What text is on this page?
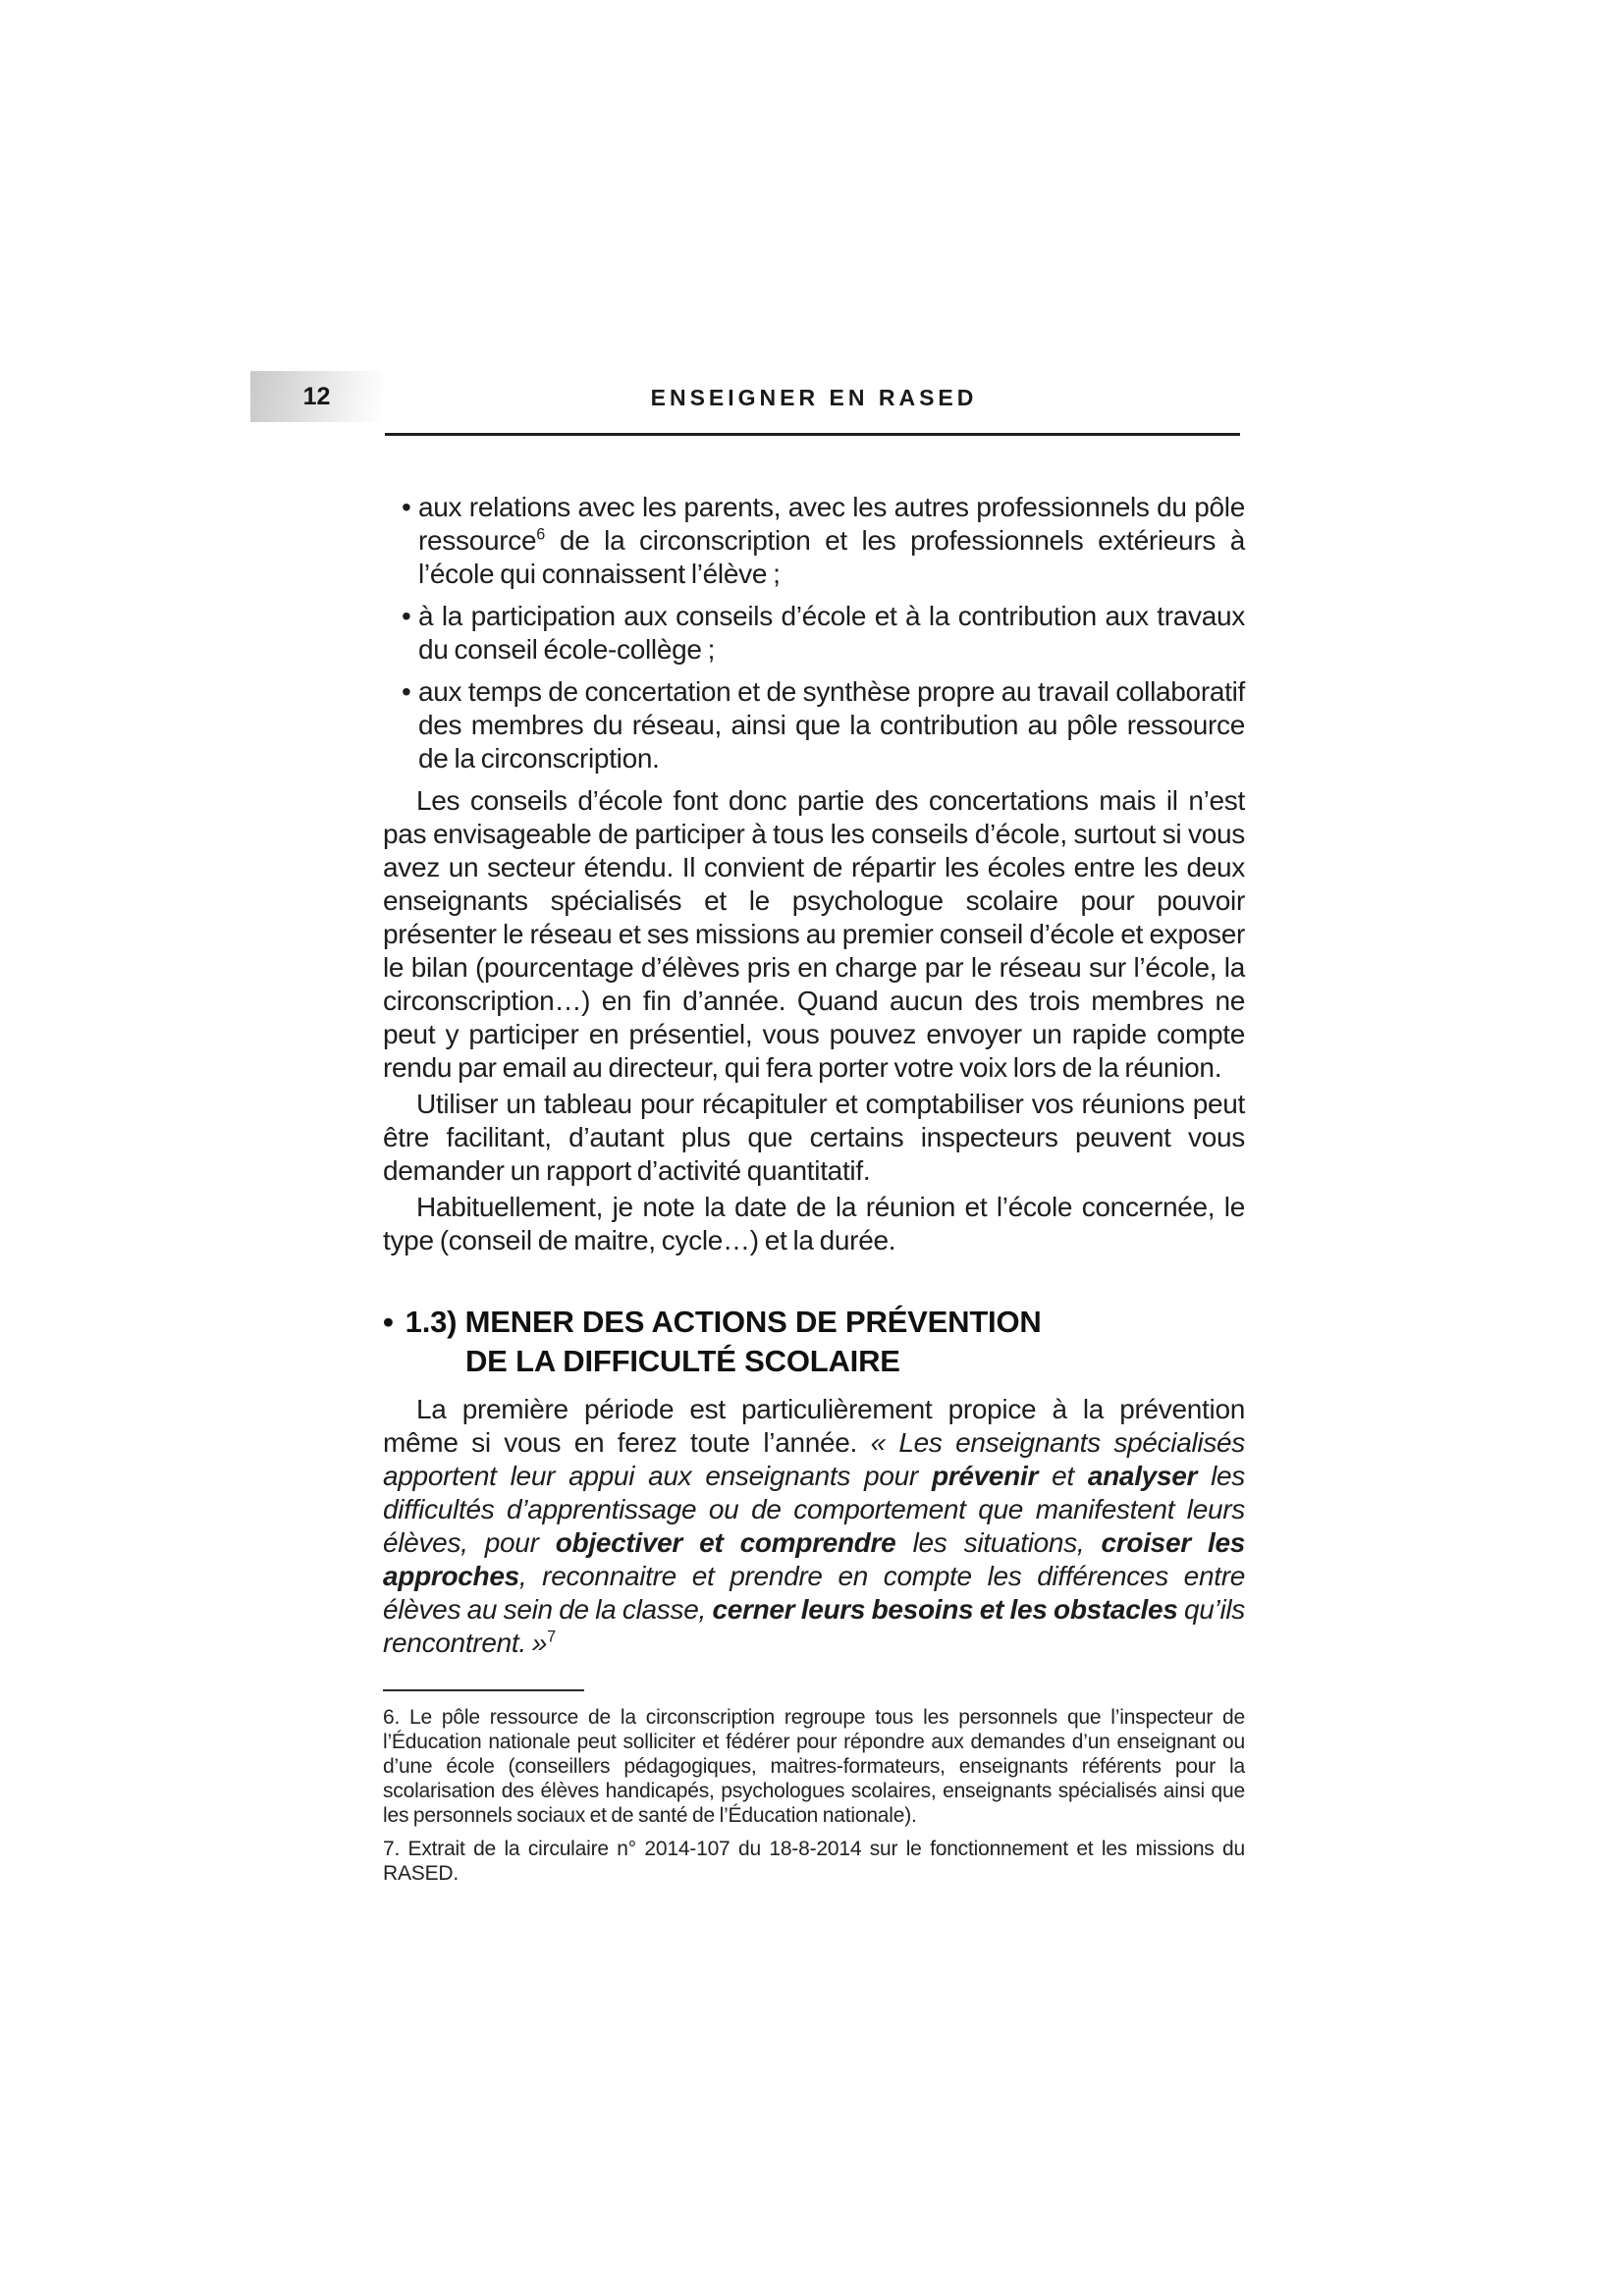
12	ENSEIGNER EN RASED
• aux relations avec les parents, avec les autres professionnels du pôle ressource$^6$ de la circonscription et les professionnels extérieurs à l’école qui connaissent l’élève ;
• à la participation aux conseils d’école et à la contribution aux travaux du conseil école-collège ;
• aux temps de concertation et de synthèse propre au travail collaboratif des membres du réseau, ainsi que la contribution au pôle ressource de la circonscription.

Les conseils d’école font donc partie des concertations mais il n’est pas envisageable de participer à tous les conseils d’école, surtout si vous avez un secteur étendu. Il convient de répartir les écoles entre les deux enseignants spécialisés et le psychologue scolaire pour pouvoir présenter le réseau et ses missions au premier conseil d’école et exposer le bilan (pourcentage d’élèves pris en charge par le réseau sur l’école, la circonscription…) en fin d’année. Quand aucun des trois membres ne peut y participer en présentiel, vous pouvez envoyer un rapide compte rendu par email au directeur, qui fera porter votre voix lors de la réunion.

Utiliser un tableau pour récapituler et comptabiliser vos réunions peut être facilitant, d’autant plus que certains inspecteurs peuvent vous demander un rapport d’activité quantitatif.

Habituellement, je note la date de la réunion et l’école concernée, le type (conseil de maitre, cycle…) et la durée.

• 1.3) MENER DES ACTIONS DE PRÉVENTION
DE LA DIFFICULTÉ SCOLAIRE

La première période est particulièrement propice à la prévention même si vous en ferez toute l’année. « Les enseignants spécialisés apportent leur appui aux enseignants pour prévenir et analyser les difficultés d’apprentissage ou de comportement que manifestent leurs élèves, pour objectiver et comprendre les situations, croiser les approches, reconnaitre et prendre en compte les différences entre élèves au sein de la classe, cerner leurs besoins et les obstacles qu’ils rencontrent. »$^7$

6. Le pôle ressource de la circonscription regroupe tous les personnels que l’inspecteur de l’Éducation nationale peut solliciter et fédérer pour répondre aux demandes d’un enseignant ou d’une école (conseillers pédagogiques, maitres-formateurs, enseignants référents pour la scolarisation des élèves handicapés, psychologues scolaires, enseignants spécialisés ainsi que les personnels sociaux et de santé de l’Éducation nationale).

7. Extrait de la circulaire n° 2014-107 du 18-8-2014 sur le fonctionnement et les missions du RASED.
